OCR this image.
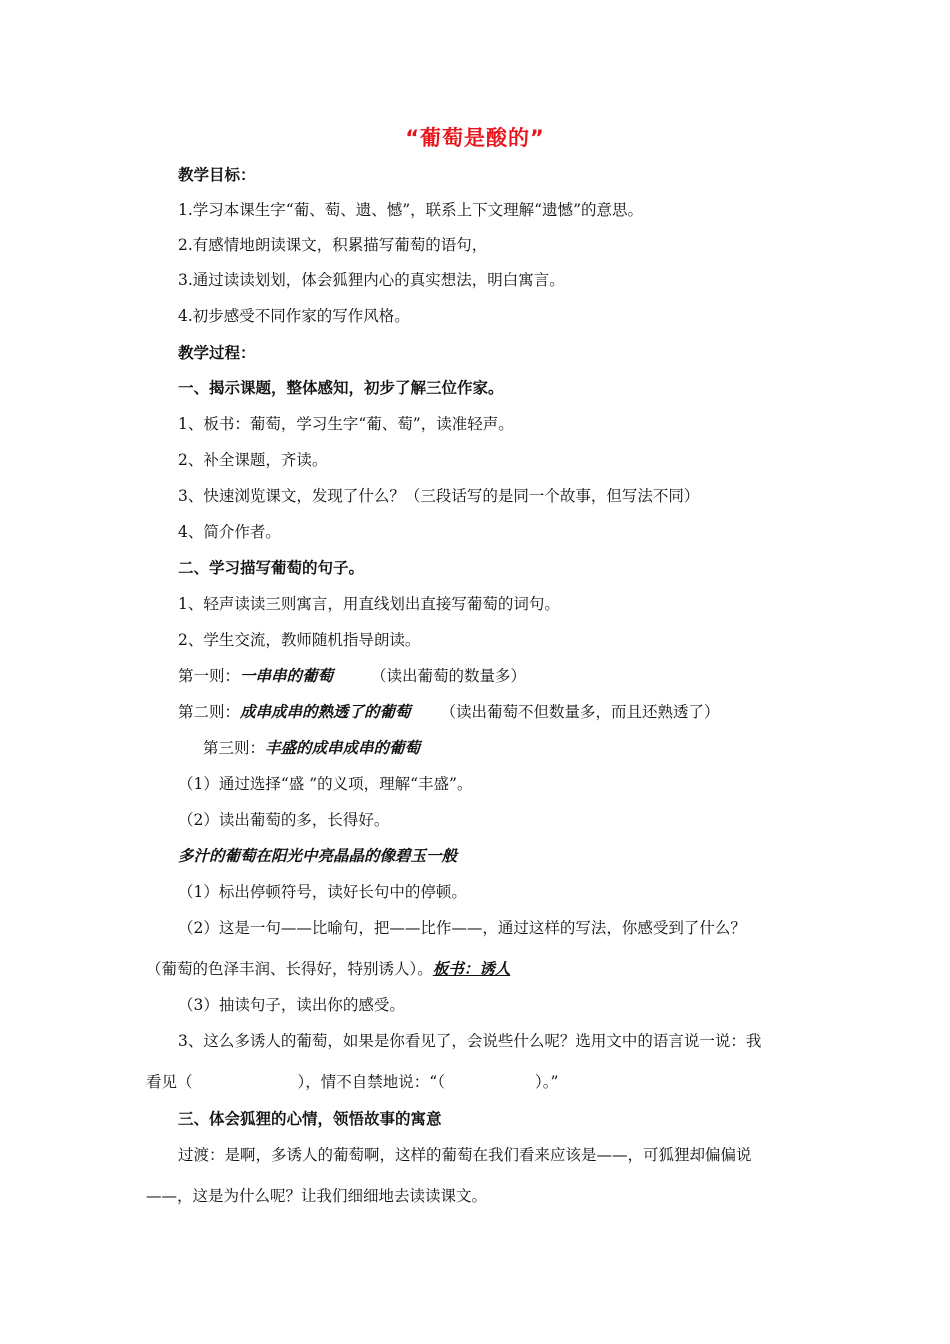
“葡萄是酸的”
教学目标：
1.学习本课生字“葡、萄、遗、憾”，联系上下文理解“遗憾”的意思。
2.有感情地朗读课文，积累描写葡萄的语句，
3.通过读读划划，体会狐狸内心的真实想法，明白寓言。
4.初步感受不同作家的写作风格。
教学过程：
一、揭示课题，整体感知，初步了解三位作家。
1、板书：葡萄，学习生字“葡、萄”，读准轻声。
2、补全课题，齐读。
3、快速浏览课文，发现了什么？（三段话写的是同一个故事，但写法不同）
4、简介作者。
二、学习描写葡萄的句子。
1、轻声读读三则寓言，用直线划出直接写葡萄的词句。
2、学生交流，教师随机指导朗读。
第一则：一串串的葡萄 （读出葡萄的数量多）
第二则：成串成串的熟透了的葡萄 （读出葡萄不但数量多，而且还熟透了）
第三则：丰盛的成串成串的葡萄
（1）通过选择“盛 ”的义项，理解“丰盛”。
（2）读出葡萄的多，长得好。
多汁的葡萄在阳光中亮晶晶的像碧玉一般
（1）标出停顿符号，读好长句中的停顿。
（2）这是一句——比喻句，把——比作——，通过这样的写法，你感受到了什么？
（葡萄的色泽丰润、长得好，特别诱人）。板书：诱人
（3）抽读句子，读出你的感受。
3、这么多诱人的葡萄，如果是你看见了，会说些什么呢？选用文中的语言说一说：我
看见（	），情不自禁地说：“（	）。”
三、体会狐狸的心情，领悟故事的寓意
过渡：是啊，多诱人的葡萄啊，这样的葡萄在我们看来应该是——，可狐狸却偏偏说
——，这是为什么呢？让我们细细地去读读课文。
